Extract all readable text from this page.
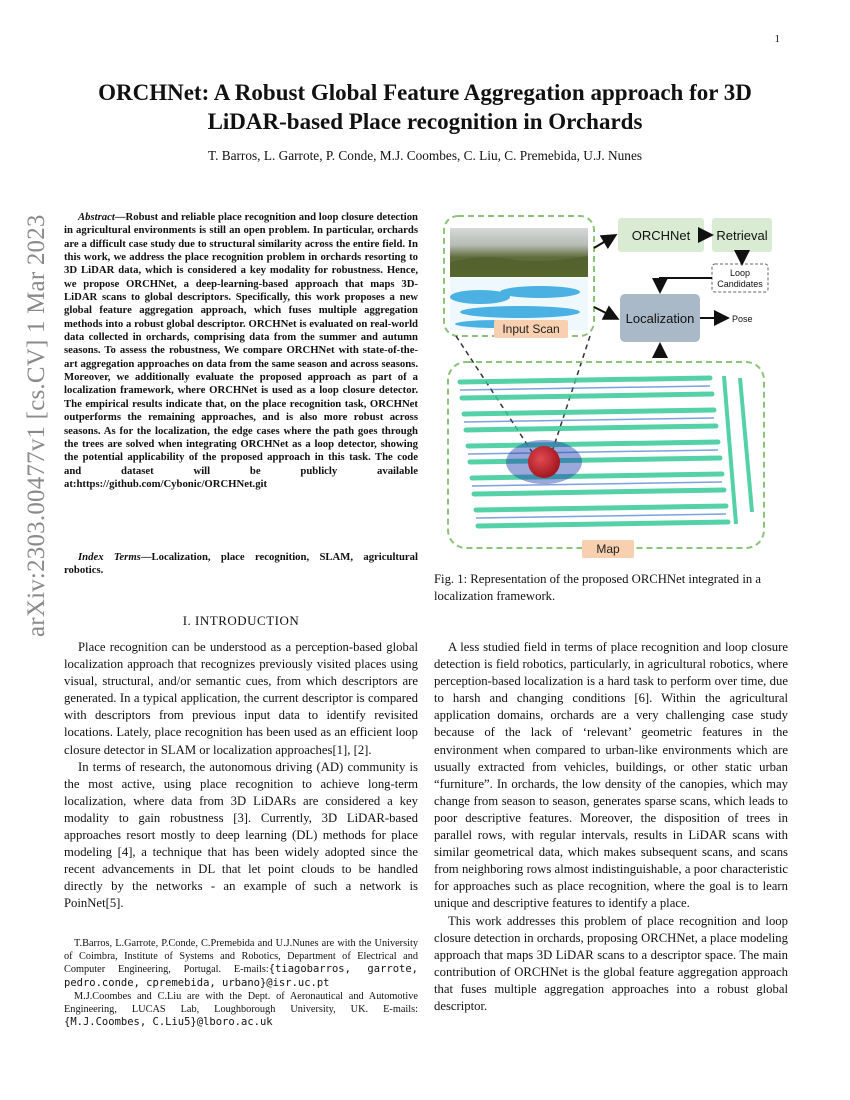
1
arXiv:2303.00477v1 [cs.CV] 1 Mar 2023
ORCHNet: A Robust Global Feature Aggregation approach for 3D
LiDAR-based Place recognition in Orchards
T. Barros, L. Garrote, P. Conde, M.J. Coombes, C. Liu, C. Premebida, U.J. Nunes
Abstract—Robust and reliable place recognition and loop closure detection in agricultural environments is still an open problem. In particular, orchards are a difficult case study due to structural similarity across the entire field. In this work, we address the place recognition problem in orchards resorting to 3D LiDAR data, which is considered a key modality for robustness. Hence, we propose ORCHNet, a deep-learning-based approach that maps 3D-LiDAR scans to global descriptors. Specifically, this work proposes a new global feature aggregation approach, which fuses multiple aggregation methods into a robust global descriptor. ORCHNet is evaluated on real-world data collected in orchards, comprising data from the summer and autumn seasons. To assess the robustness, We compare ORCHNet with state-of-the-art aggregation approaches on data from the same season and across seasons. Moreover, we additionally evaluate the proposed approach as part of a localization framework, where ORCHNet is used as a loop closure detector. The empirical results indicate that, on the place recognition task, ORCHNet outperforms the remaining approaches, and is also more robust across seasons. As for the localization, the edge cases where the path goes through the trees are solved when integrating ORCHNet as a loop detector, showing the potential applicability of the proposed approach in this task. The code and dataset will be publicly available at:https://github.com/Cybonic/ORCHNet.git
Index Terms—Localization, place recognition, SLAM, agricultural robotics.
I. INTRODUCTION

Place recognition can be understood as a perception-based global localization approach that recognizes previously visited places using visual, structural, and/or semantic cues, from which descriptors are generated. In a typical application, the current descriptor is compared with descriptors from previous input data to identify revisited locations. Lately, place recognition has been used as an efficient loop closure detector in SLAM or localization approaches[1], [2].

In terms of research, the autonomous driving (AD) community is the most active, using place recognition to achieve long-term localization, where data from 3D LiDARs are considered a key modality to gain robustness [3]. Currently, 3D LiDAR-based approaches resort mostly to deep learning (DL) methods for place modeling [4], a technique that has been widely adopted since the recent advancements in DL that let point clouds to be handled directly by the networks - an example of such a network is PoinNet[5].

T.Barros, L.Garrote, P.Conde, C.Premebida and U.J.Nunes are with the University of Coimbra, Institute of Systems and Robotics, Department of Electrical and Computer Engineering, Portugal. E-mails:{tiagobarros, garrote, pedro.conde, cpremebida, urbano}@isr.uc.pt

M.J.Coombes and C.Liu are with the Dept. of Aeronautical and Automotive Engineering, LUCAS Lab, Loughborough University, UK. E-mails:{M.J.Coombes, C.Liu5}@lboro.ac.uk

Input Scan
ORCHNet Retrieval
Loop
Candidates
Localization	Pose
Map
Fig. 1: Representation of the proposed ORCHNet integrated in a localization framework.

A less studied field in terms of place recognition and loop closure detection is field robotics, particularly, in agricultural robotics, where perception-based localization is a hard task to perform over time, due to harsh and changing conditions [6]. Within the agricultural application domains, orchards are a very challenging case study because of the lack of ‘relevant’ geometric features in the environment when compared to urban-like environments which are usually extracted from vehicles, buildings, or other static urban “furniture”. In orchards, the low density of the canopies, which may change from season to season, generates sparse scans, which leads to poor descriptive features. Moreover, the disposition of trees in parallel rows, with regular intervals, results in LiDAR scans with similar geometrical data, which makes subsequent scans, and scans from neighboring rows almost indistinguishable, a poor characteristic for approaches such as place recognition, where the goal is to learn unique and descriptive features to identify a place.

This work addresses this problem of place recognition and loop closure detection in orchards, proposing ORCHNet, a place modeling approach that maps 3D LiDAR scans to a descriptor space. The main contribution of ORCHNet is the global feature aggregation approach that fuses multiple aggregation approaches into a robust global descriptor.
